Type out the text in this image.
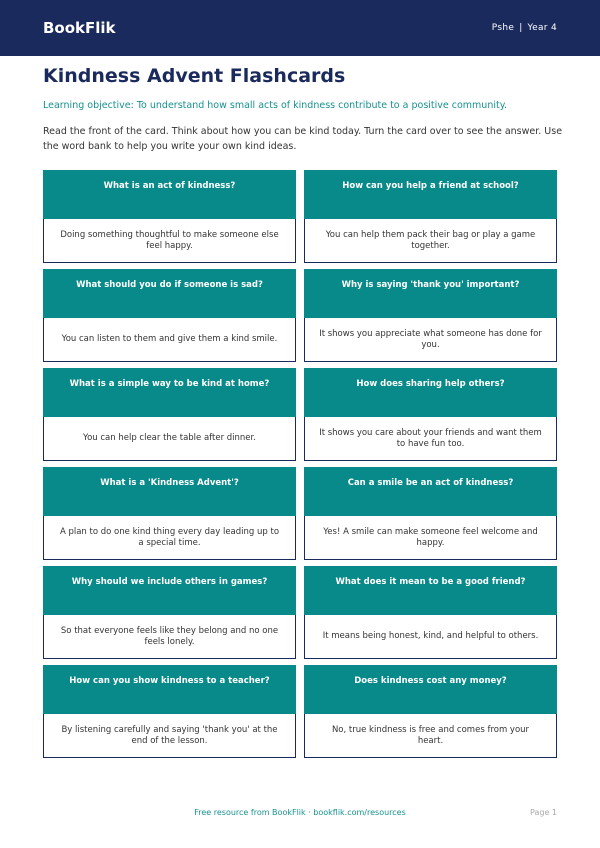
BookFlik	Pshe | Year 4
Kindness Advent Flashcards

Learning objective: To understand how small acts of kindness contribute to a positive community.

Read the front of the card. Think about how you can be kind today. Turn the card over to see the answer. Use the word bank to help you write your own kind ideas.

What is an act of kindness?
Doing something thoughtful to make someone else feel happy.
How can you help a friend at school?
You can help them pack their bag or play a game together.
What should you do if someone is sad?
You can listen to them and give them a kind smile.
Why is saying 'thank you' important?
It shows you appreciate what someone has done for you.
What is a simple way to be kind at home?
You can help clear the table after dinner.
How does sharing help others?
It shows you care about your friends and want them to have fun too.
What is a 'Kindness Advent'?
A plan to do one kind thing every day leading up to a special time.
Can a smile be an act of kindness?
Yes! A smile can make someone feel welcome and happy.
Why should we include others in games?
So that everyone feels like they belong and no one feels lonely.
What does it mean to be a good friend?
It means being honest, kind, and helpful to others.
How can you show kindness to a teacher?
By listening carefully and saying 'thank you' at the end of the lesson.
Does kindness cost any money?
No, true kindness is free and comes from your heart.
Free resource from BookFlik · bookflik.com/resources	Page 1
